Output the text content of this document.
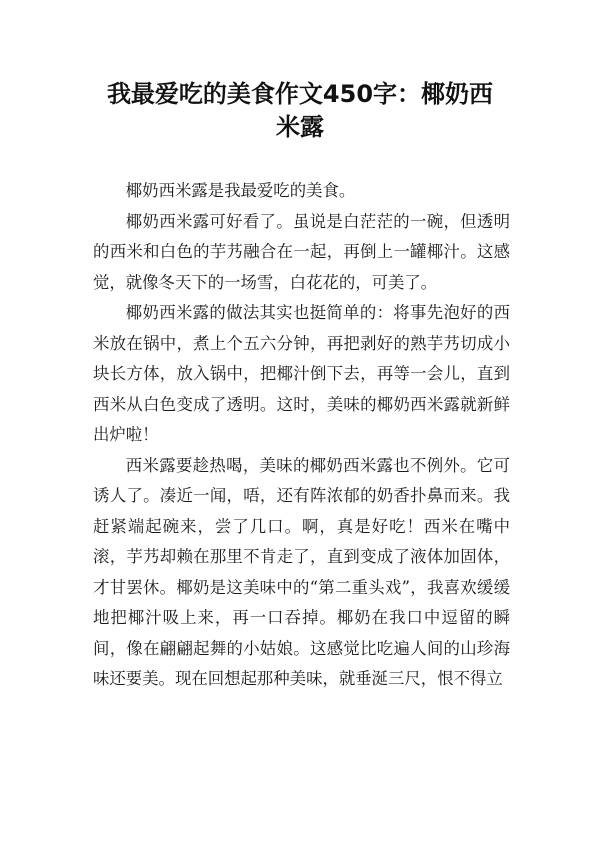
我最爱吃的美食作文450字：椰奶西米露

椰奶西米露是我最爱吃的美食。

椰奶西米露可好看了。虽说是白茫茫的一碗，但透明的西米和白色的芋艿融合在一起，再倒上一罐椰汁。这感觉，就像冬天下的一场雪，白花花的，可美了。

椰奶西米露的做法其实也挺简单的：将事先泡好的西米放在锅中，煮上个五六分钟，再把剥好的熟芋艿切成小块长方体，放入锅中，把椰汁倒下去，再等一会儿，直到西米从白色变成了透明。这时，美味的椰奶西米露就新鲜出炉啦！

西米露要趁热喝，美味的椰奶西米露也不例外。它可诱人了。凑近一闻，唔，还有阵浓郁的奶香扑鼻而来。我赶紧端起碗来，尝了几口。啊，真是好吃！西米在嘴中滚，芋艿却赖在那里不肯走了，直到变成了液体加固体，才甘罢休。椰奶是这美味中的“第二重头戏”，我喜欢缓缓地把椰汁吸上来，再一口吞掉。椰奶在我口中逗留的瞬间，像在翩翩起舞的小姑娘。这感觉比吃遍人间的山珍海味还要美。现在回想起那种美味，就垂涎三尺，恨不得立
